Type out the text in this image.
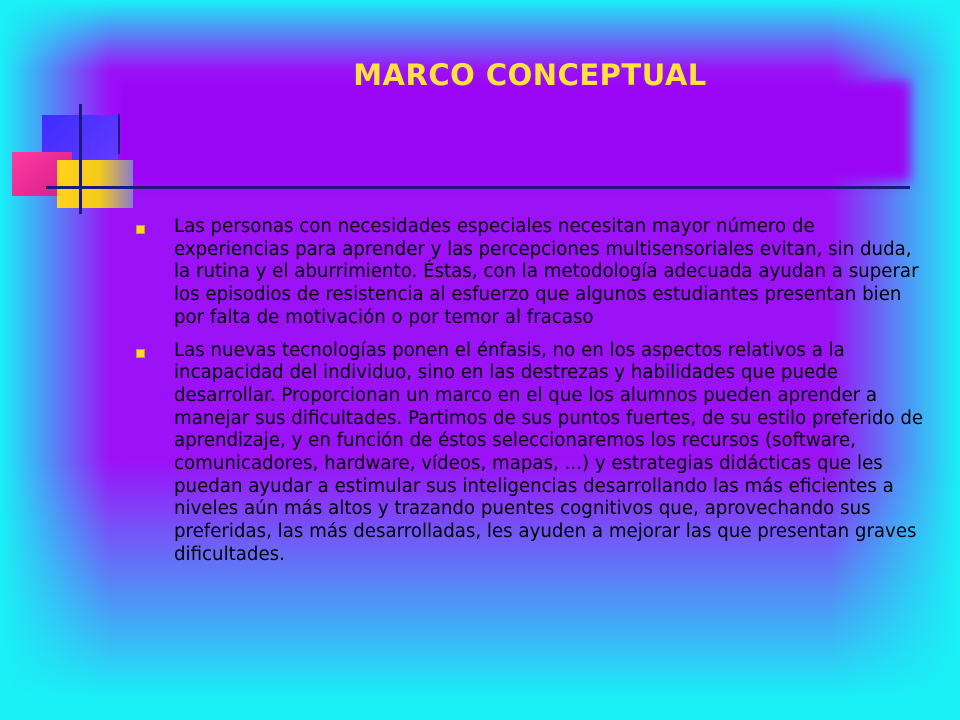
MARCO CONCEPTUAL
Las personas con necesidades especiales necesitan mayor número de experiencias para aprender y las percepciones multisensoriales evitan, sin duda, la rutina y el aburrimiento. Éstas, con la metodología adecuada ayudan a superar los episodios de resistencia al esfuerzo que algunos estudiantes presentan bien por falta de motivación o por temor al fracaso
Las nuevas tecnologías ponen el énfasis, no en los aspectos relativos a la incapacidad del individuo, sino en las destrezas y habilidades que puede desarrollar. Proporcionan un marco en el que los alumnos pueden aprender a manejar sus dificultades. Partimos de sus puntos fuertes, de su estilo preferido de aprendizaje, y en función de éstos seleccionaremos los recursos (software, comunicadores, hardware, vídeos, mapas, ...) y estrategias didácticas que les puedan ayudar a estimular sus inteligencias desarrollando las más eficientes a niveles aún más altos y trazando puentes cognitivos que, aprovechando sus preferidas, las más desarrolladas, les ayuden a mejorar las que presentan graves dificultades.
